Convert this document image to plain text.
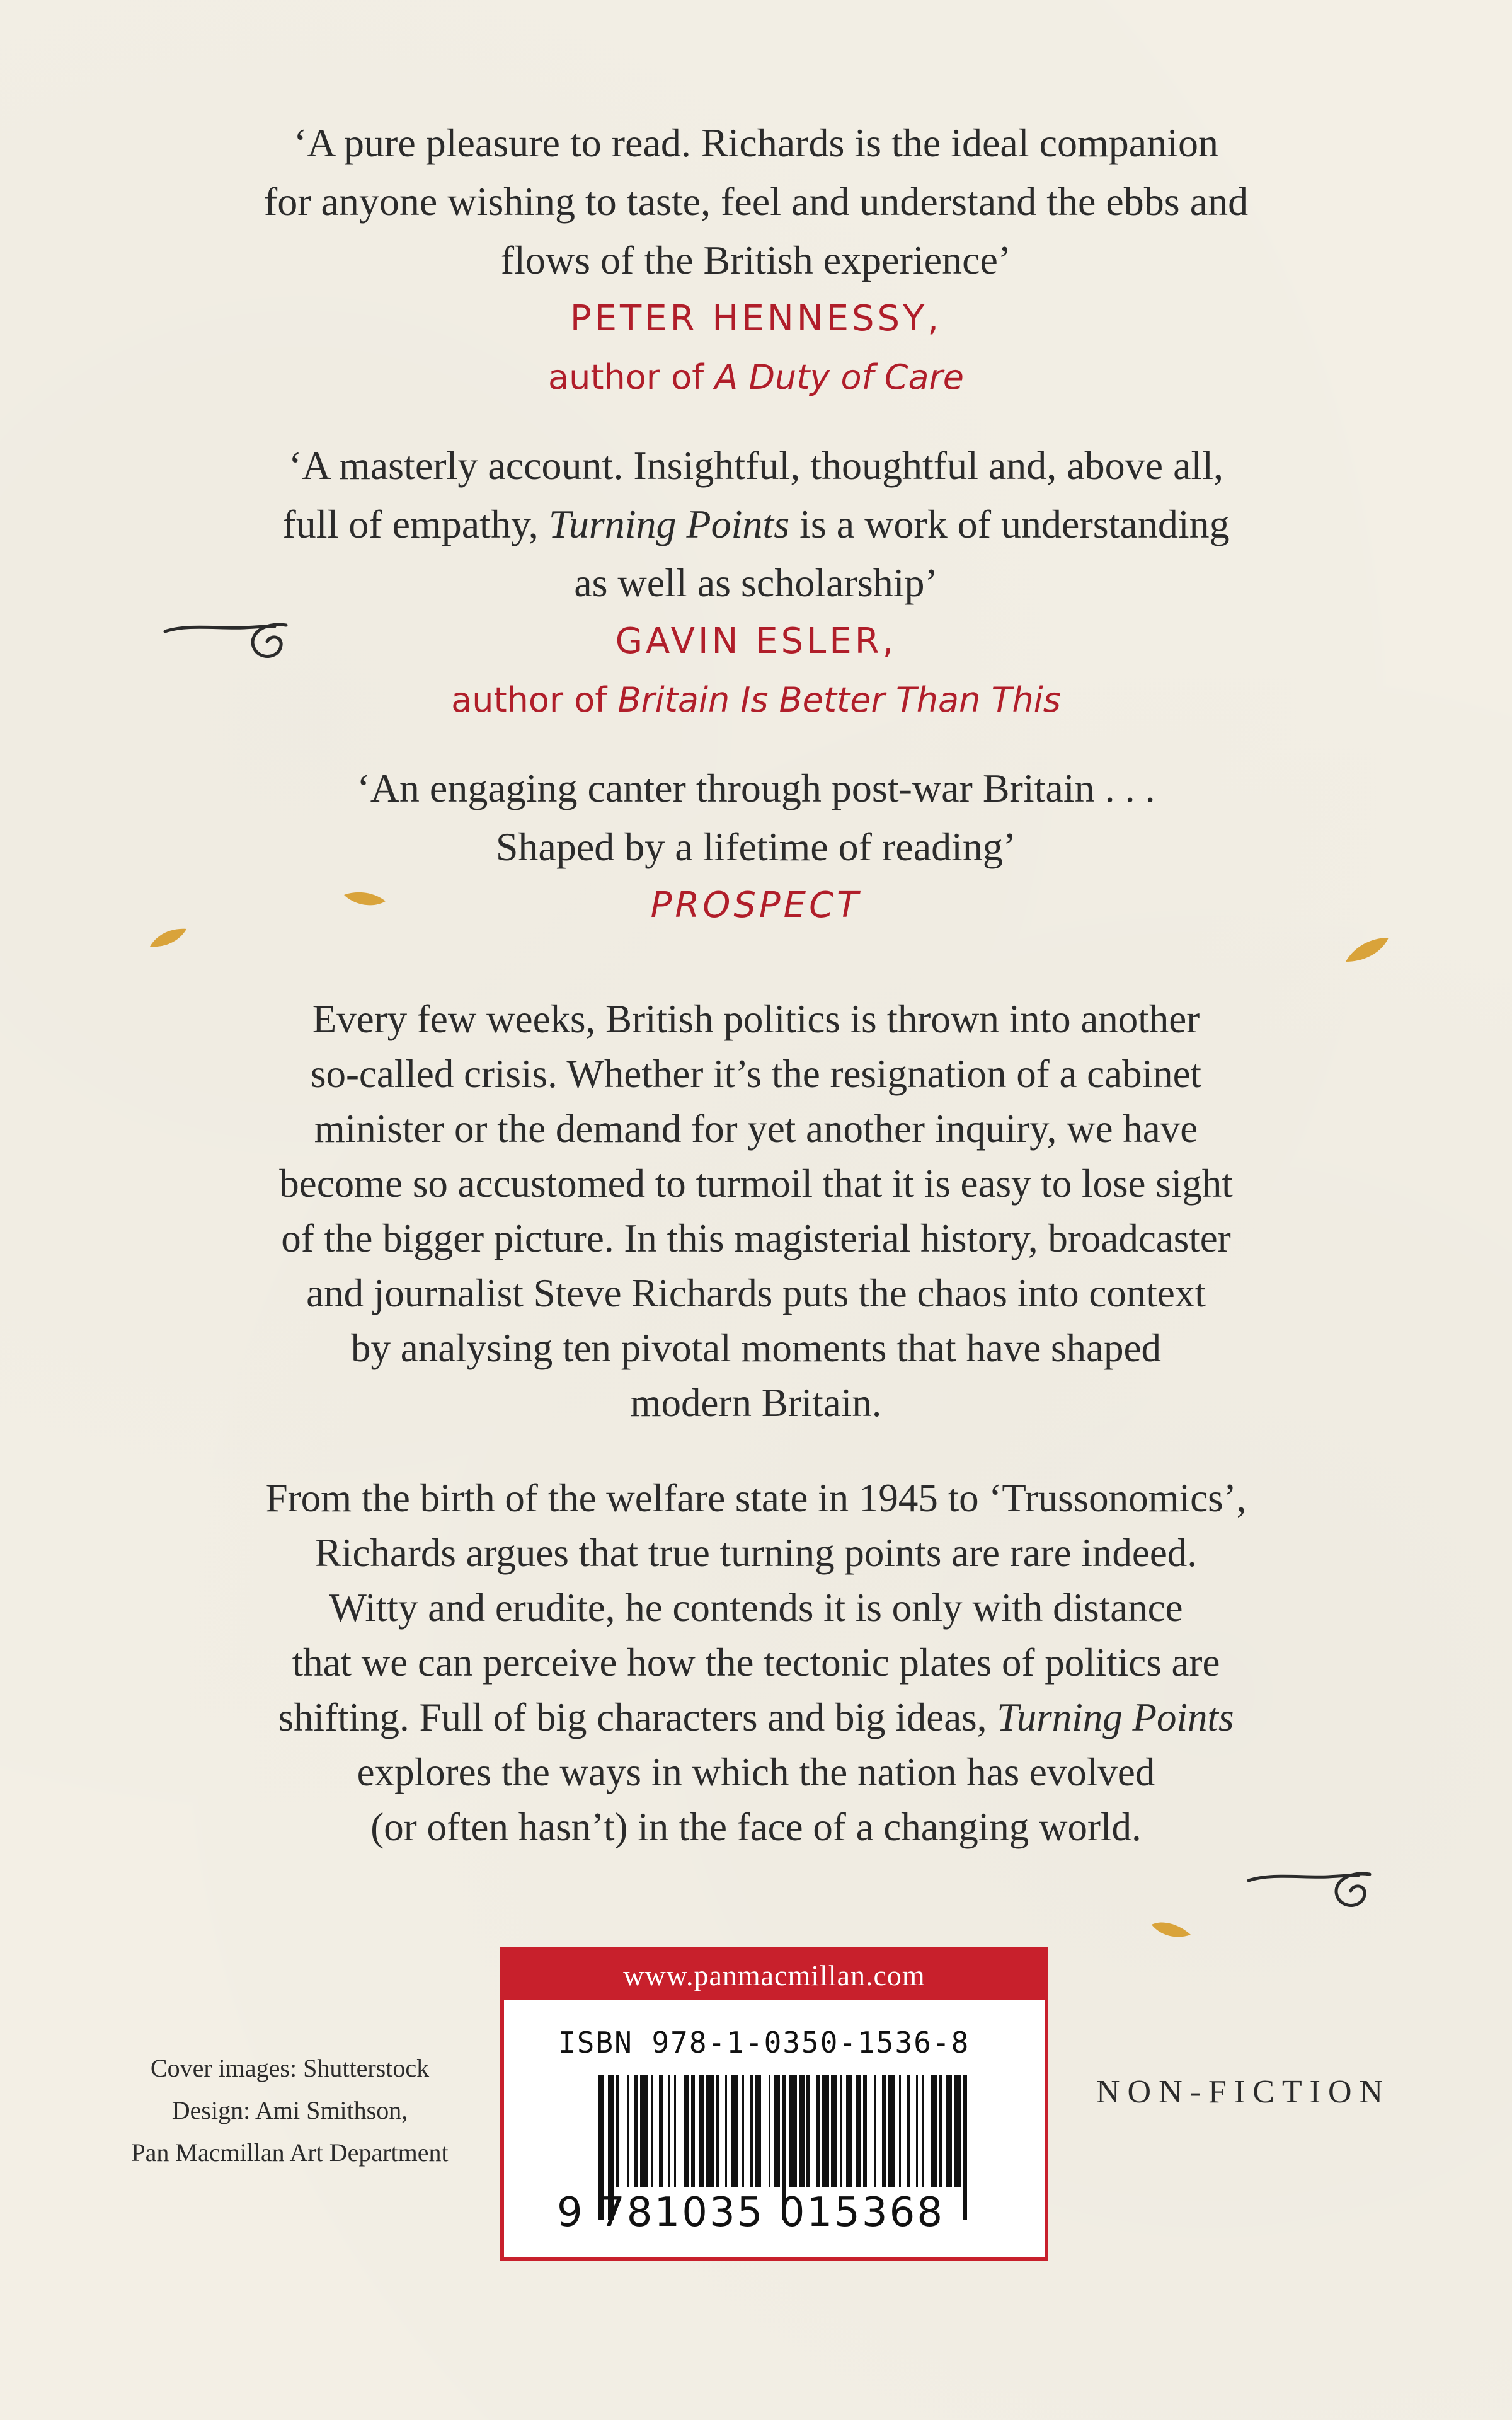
‘A pure pleasure to read. Richards is the ideal companion
for anyone wishing to taste, feel and understand the ebbs and
flows of the British experience’
PETER HENNESSY,
author of A Duty of Care
‘A masterly account. Insightful, thoughtful and, above all,
full of empathy, Turning Points is a work of understanding
as well as scholarship’
GAVIN ESLER,
author of Britain Is Better Than This
‘An engaging canter through post-war Britain . . .
Shaped by a lifetime of reading’
PROSPECT
Every few weeks, British politics is thrown into another
so-called crisis. Whether it’s the resignation of a cabinet
minister or the demand for yet another inquiry, we have
become so accustomed to turmoil that it is easy to lose sight
of the bigger picture. In this magisterial history, broadcaster
and journalist Steve Richards puts the chaos into context
by analysing ten pivotal moments that have shaped
modern Britain.
From the birth of the welfare state in 1945 to ‘Trussonomics’,
Richards argues that true turning points are rare indeed.
Witty and erudite, he contends it is only with distance
that we can perceive how the tectonic plates of politics are
shifting. Full of big characters and big ideas, Turning Points
explores the ways in which the nation has evolved
(or often hasn’t) in the face of a changing world.
Cover images: Shutterstock
Design: Ami Smithson,
Pan Macmillan Art Department
www.panmacmillan.com
ISBN 978-1-0350-1536-8
9 781035 015368
NON-FICTION
